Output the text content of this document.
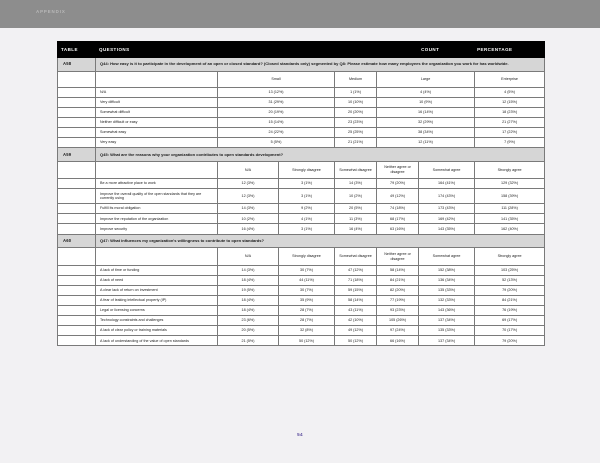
APPENDIX
TABLE	QUESTIONS					COUNT	PERCENTAGE
A58	Q44: How easy is it to participate in the development of an open or closed standard? (Closed standards only) segmented by Q8: Please estimate how many employees the organization you work for has worldwide.						
		Small		Medium	Large		Enterprise
	N/A	13 (12%)		1 (1%)	4 (4%)		4 (5%)
	Very difficult	31 (29%)		10 (10%)	10 (9%)		12 (15%)
	Somewhat difficult	20 (19%)		20 (20%)	16 (14%)		18 (23%)
	Neither difficult or easy	15 (14%)		23 (23%)	32 (29%)		21 (27%)
	Somewhat easy	24 (22%)		25 (25%)	38 (34%)		17 (22%)
	Very easy	5 (5%)		21 (21%)	12 (11%)		7 (9%)
A59	Q45: What are the reasons why your organization contributes to open standards development?						
		N/A	Strongly disagree	Somewhat disagree	Neither agree or disagree	Somewhat agree	Strongly agree
	Be a more attractive place to work	12 (3%)	3 (1%)	14 (3%)	79 (20%)	164 (41%)	129 (32%)
	Improve the overall quality of the open standards that they are currently using	12 (3%)	3 (1%)	10 (2%)	49 (12%)	174 (43%)	158 (39%)
	Fulfill its moral obligation	14 (3%)	9 (2%)	20 (5%)	74 (18%)	173 (43%)	111 (28%)
	Improve the reputation of the organization	10 (2%)	4 (1%)	11 (3%)	68 (17%)	169 (42%)	141 (35%)
	Improve security	16 (4%)	3 (1%)	16 (4%)	63 (16%)	143 (35%)	162 (40%)
A60	Q47: What influences my organization's willingness to contribute to open standards?						
		N/A	Strongly disagree	Somewhat disagree	Neither agree or disagree	Somewhat agree	Strongly agree
	A lack of time or funding	14 (3%)	30 (7%)	47 (12%)	58 (14%)	152 (38%)	103 (25%)
	A lack of need	18 (4%)	44 (11%)	71 (18%)	84 (21%)	136 (34%)	52 (13%)
	A clear lack of return on investment	19 (5%)	30 (7%)	59 (15%)	82 (20%)	135 (33%)	79 (20%)
	A fear of leaking intellectual property (IP)	18 (4%)	35 (9%)	58 (14%)	77 (19%)	132 (33%)	84 (21%)
	Legal or licensing concerns	18 (4%)	28 (7%)	43 (11%)	93 (23%)	143 (36%)	76 (19%)
	Technology constraints and challenges	23 (6%)	28 (7%)	42 (10%)	105 (26%)	137 (34%)	69 (17%)
	A lack of clear policy or training materials	20 (5%)	32 (8%)	49 (12%)	97 (24%)	135 (33%)	70 (17%)
	A lack of understanding of the value of open standards	21 (5%)	50 (12%)	50 (12%)	66 (16%)	137 (34%)	79 (20%)
54
